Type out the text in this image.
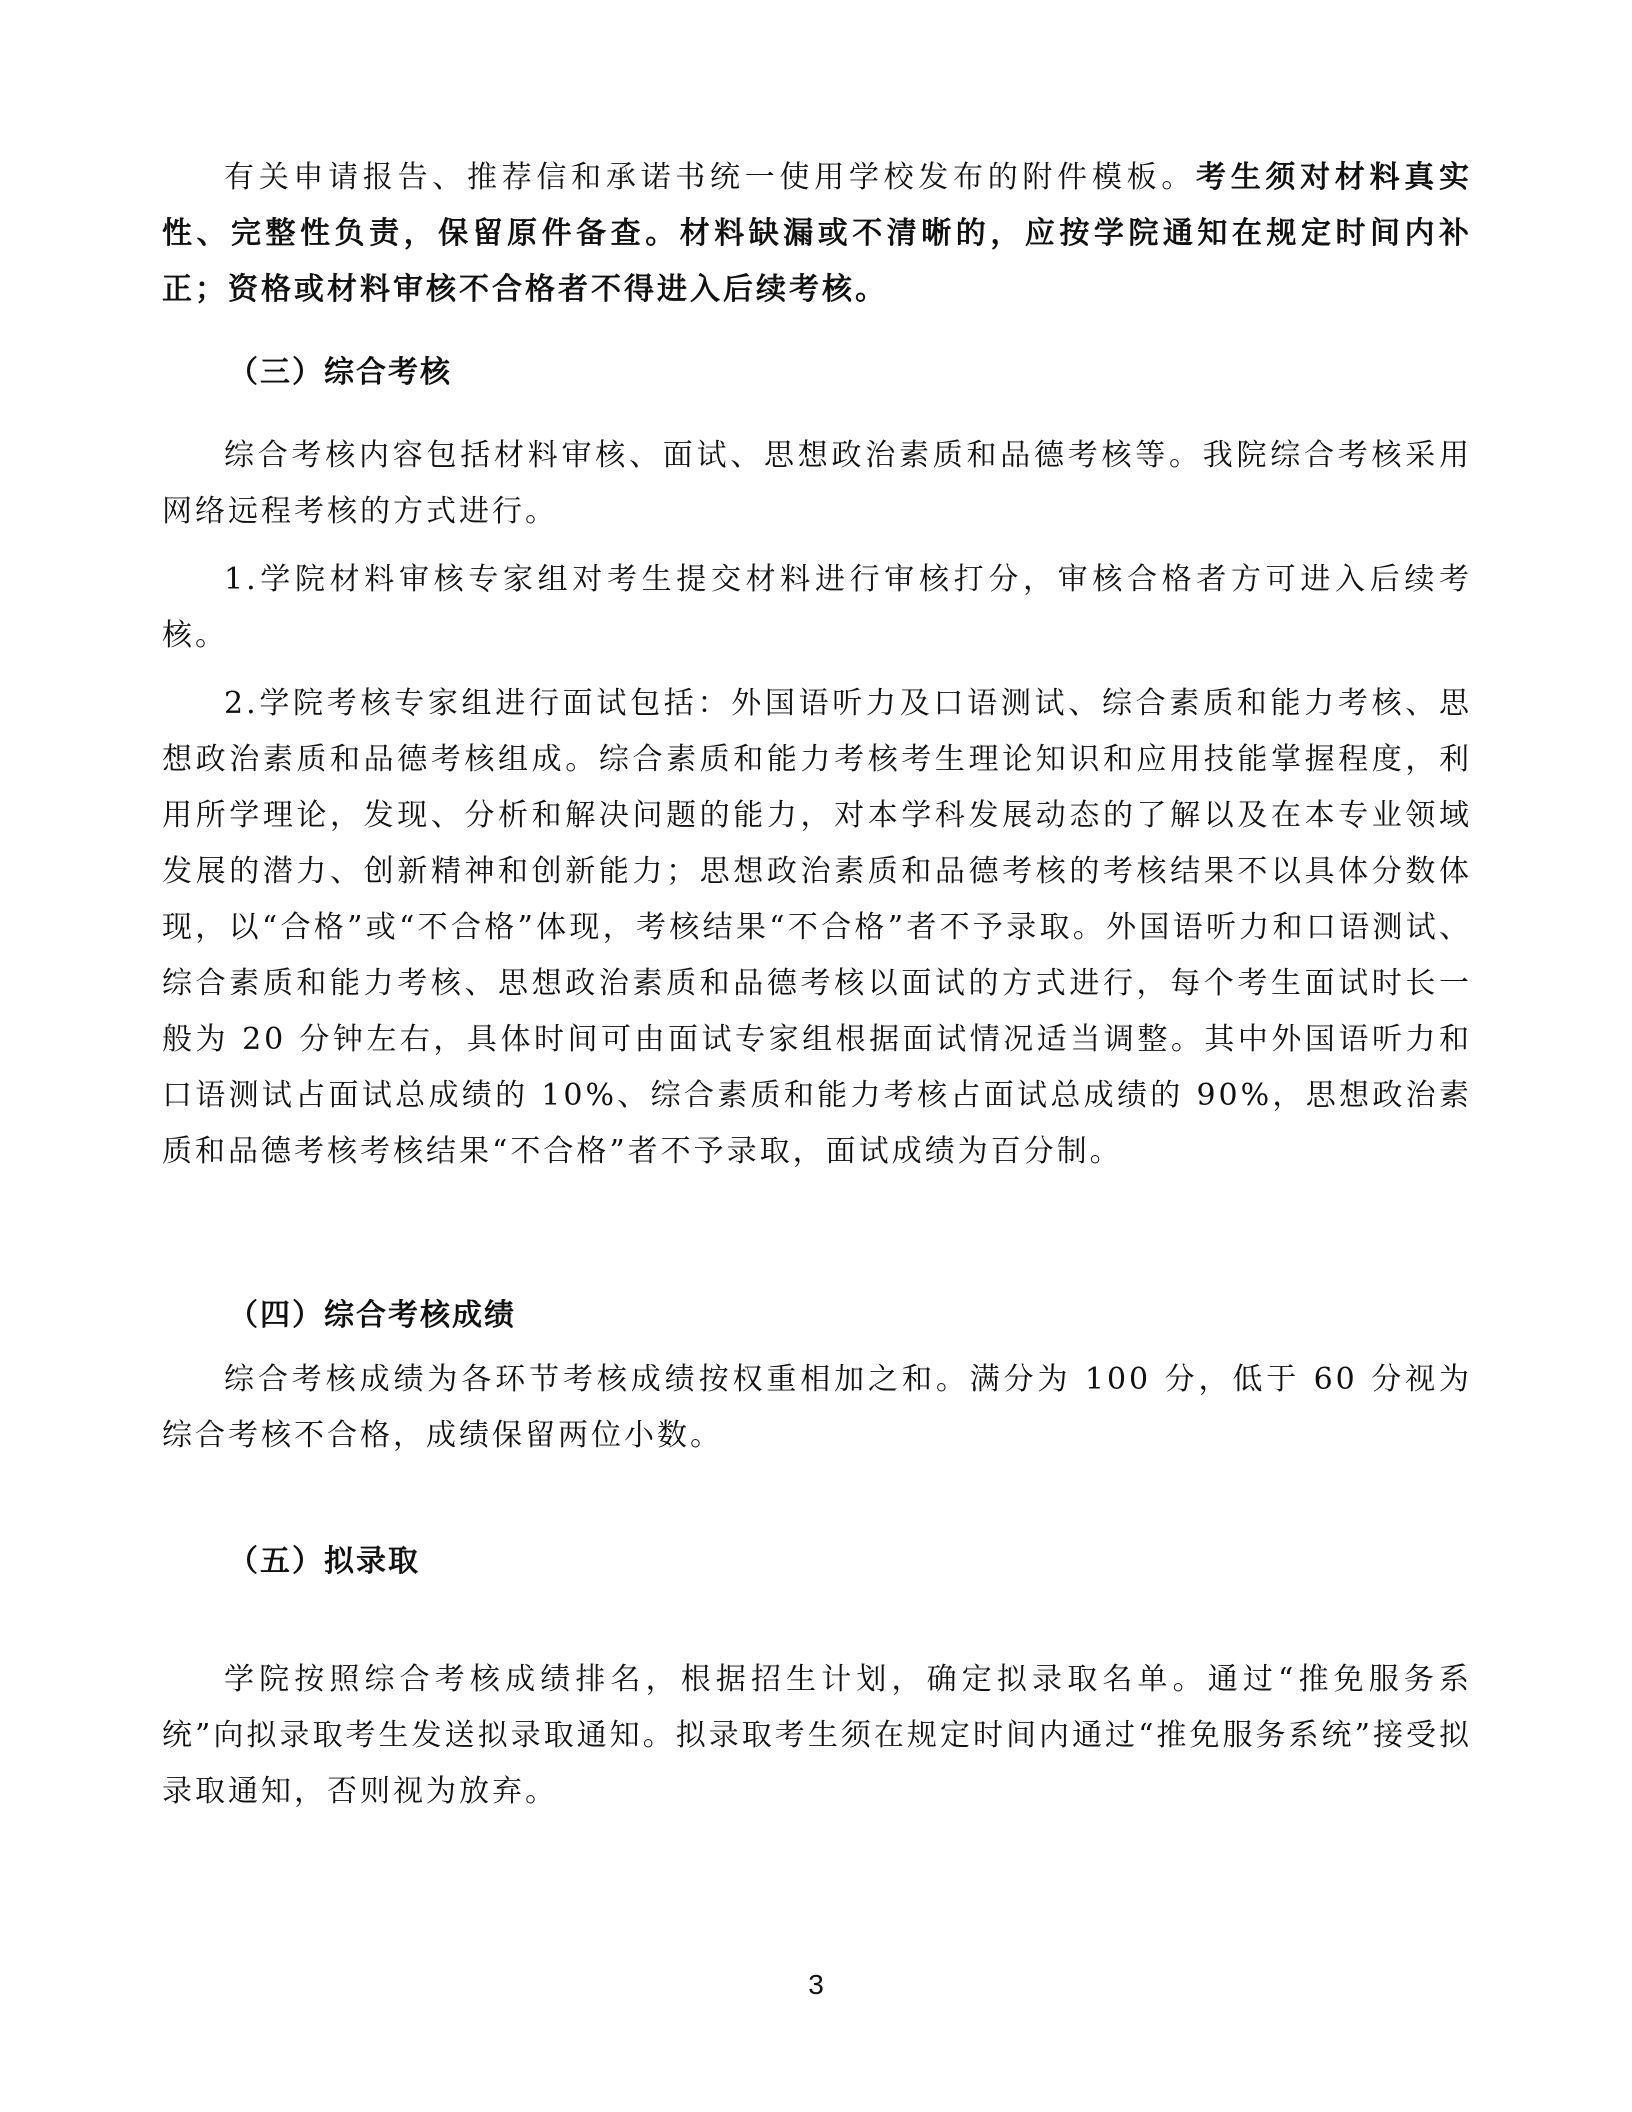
有关申请报告、推荐信和承诺书统一使用学校发布的附件模板。考生须对材料真实性、完整性负责，保留原件备查。材料缺漏或不清晰的，应按学院通知在规定时间内补正；资格或材料审核不合格者不得进入后续考核。

（三）综合考核

综合考核内容包括材料审核、面试、思想政治素质和品德考核等。我院综合考核采用网络远程考核的方式进行。

1.学院材料审核专家组对考生提交材料进行审核打分，审核合格者方可进入后续考核。

2.学院考核专家组进行面试包括：外国语听力及口语测试、综合素质和能力考核、思想政治素质和品德考核组成。综合素质和能力考核考生理论知识和应用技能掌握程度，利用所学理论，发现、分析和解决问题的能力，对本学科发展动态的了解以及在本专业领域发展的潜力、创新精神和创新能力；思想政治素质和品德考核的考核结果不以具体分数体现，以“合格”或“不合格”体现，考核结果“不合格”者不予录取。外国语听力和口语测试、综合素质和能力考核、思想政治素质和品德考核以面试的方式进行，每个考生面试时长一般为 20 分钟左右，具体时间可由面试专家组根据面试情况适当调整。其中外国语听力和口语测试占面试总成绩的 10%、综合素质和能力考核占面试总成绩的 90%，思想政治素质和品德考核考核结果“不合格”者不予录取，面试成绩为百分制。

（四）综合考核成绩

综合考核成绩为各环节考核成绩按权重相加之和。满分为 100 分，低于 60 分视为综合考核不合格，成绩保留两位小数。

（五）拟录取

学院按照综合考核成绩排名，根据招生计划，确定拟录取名单。通过“推免服务系统”向拟录取考生发送拟录取通知。拟录取考生须在规定时间内通过“推免服务系统”接受拟录取通知，否则视为放弃。

3
